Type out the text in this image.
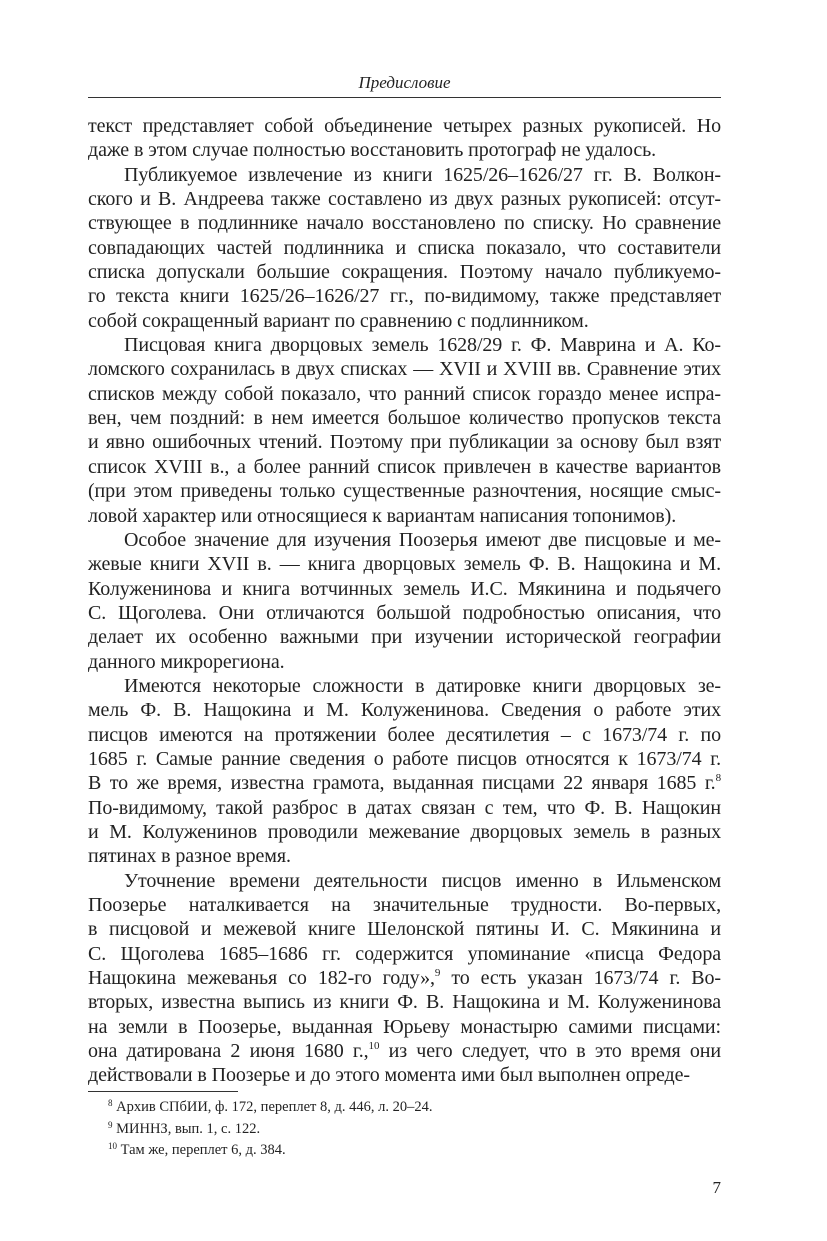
Предисловие
текст представляет собой объединение четырех разных рукописей. Но
даже в этом случае полностью восстановить протограф не удалось.
Публикуемое извлечение из книги 1625/26–1626/27 гг. В. Волкон-
ского и В. Андреева также составлено из двух разных рукописей: отсут-
ствующее в подлиннике начало восстановлено по списку. Но сравнение
совпадающих частей подлинника и списка показало, что составители
списка допускали большие сокращения. Поэтому начало публикуемо-
го текста книги 1625/26–1626/27 гг., по-видимому, также представляет
собой сокращенный вариант по сравнению с подлинником.
Писцовая книга дворцовых земель 1628/29 г. Ф. Маврина и А. Ко-
ломского сохранилась в двух списках — XVII и XVIII вв. Сравнение этих
списков между собой показало, что ранний список гораздо менее испра-
вен, чем поздний: в нем имеется большое количество пропусков текста
и явно ошибочных чтений. Поэтому при публикации за основу был взят
список XVIII в., а более ранний список привлечен в качестве вариантов
(при этом приведены только существенные разночтения, носящие смыс-
ловой характер или относящиеся к вариантам написания топонимов).
Особое значение для изучения Поозерья имеют две писцовые и ме-
жевые книги XVII в. — книга дворцовых земель Ф. В. Нащокина и М.
Колуженинова и книга вотчинных земель И.С. Мякинина и подьячего
С. Щоголева. Они отличаются большой подробностью описания, что
делает их особенно важными при изучении исторической географии
данного микрорегиона.
Имеются некоторые сложности в датировке книги дворцовых зе-
мель Ф. В. Нащокина и М. Колуженинова. Сведения о работе этих
писцов имеются на протяжении более десятилетия – с 1673/74 г. по
1685 г. Самые ранние сведения о работе писцов относятся к 1673/74 г.
В то же время, известна грамота, выданная писцами 22 января 1685 г.$^8$
По-видимому, такой разброс в датах связан с тем, что Ф. В. Нащокин
и М. Колуженинов проводили межевание дворцовых земель в разных
пятинах в разное время.
Уточнение времени деятельности писцов именно в Ильменском
Поозерье наталкивается на значительные трудности. Во-первых,
в писцовой и межевой книге Шелонской пятины И. С. Мякинина и
С. Щоголева 1685–1686 гг. содержится упоминание «писца Федора
Нащокина межеванья со 182-го году»,$^9$ то есть указан 1673/74 г. Во-
вторых, известна выпись из книги Ф. В. Нащокина и М. Колуженинова
на земли в Поозерье, выданная Юрьеву монастырю самими писцами:
она датирована 2 июня 1680 г.,$^{10}$ из чего следует, что в это время они
действовали в Поозерье и до этого момента ими был выполнен опреде-
$^8$ Архив СПбИИ, ф. 172, переплет 8, д. 446, л. 20–24.
$^9$ МИННЗ, вып. 1, с. 122.
$^{10}$ Там же, переплет 6, д. 384.
7
